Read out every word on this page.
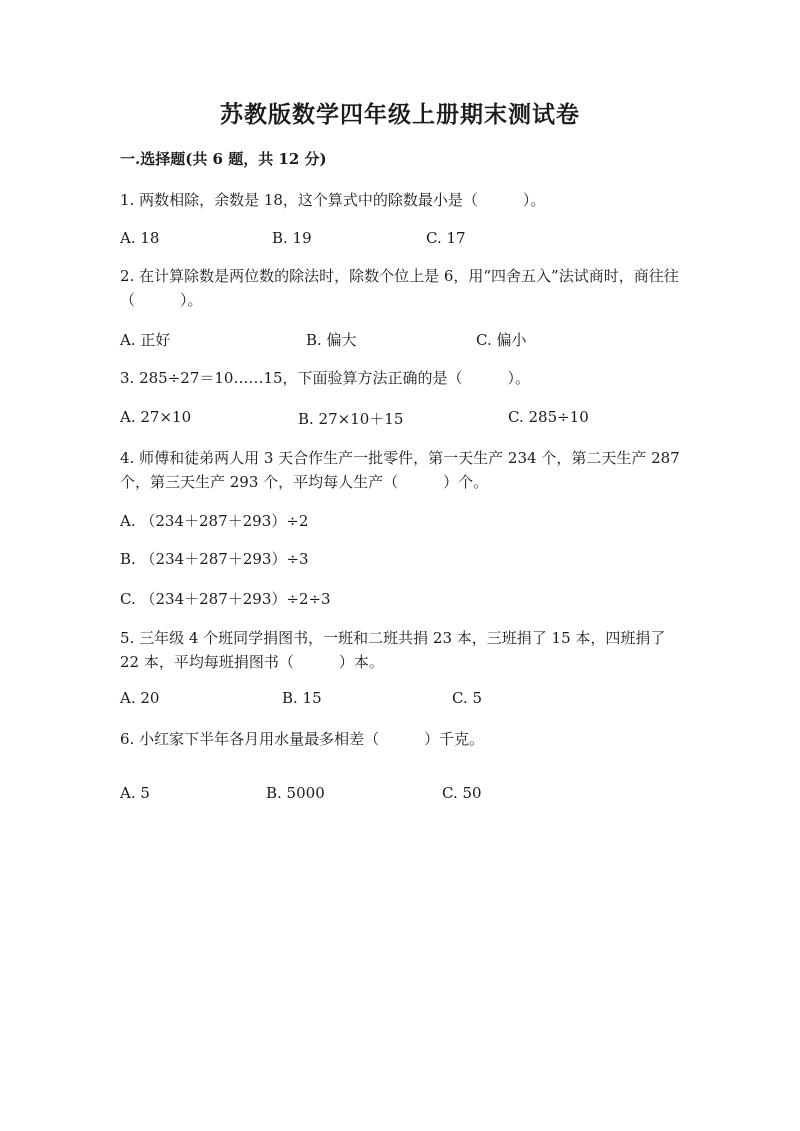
苏教版数学四年级上册期末测试卷
一.选择题(共 6 题，共 12 分)
1. 两数相除，余数是 18，这个算式中的除数最小是（　　　）。
A. 18	B. 19	C. 17
2. 在计算除数是两位数的除法时，除数个位上是 6，用“四舍五入”法试商时，商往往（　　　）。
A. 正好	B. 偏大	C. 偏小
3. 285÷27＝10……15，下面验算方法正确的是（　　　）。
A. 27×10	B. 27×10＋15	C. 285÷10
4. 师傅和徒弟两人用 3 天合作生产一批零件，第一天生产 234 个，第二天生产 287 个，第三天生产 293 个，平均每人生产（　　　）个。
A. （234＋287＋293）÷2
B. （234＋287＋293）÷3
C. （234＋287＋293）÷2÷3
5. 三年级 4 个班同学捐图书，一班和二班共捐 23 本，三班捐了 15 本，四班捐了 22 本，平均每班捐图书（　　　）本。
A. 20	B. 15	C. 5
6. 小红家下半年各月用水量最多相差（　　　）千克。
A. 5	B. 5000	C. 50
